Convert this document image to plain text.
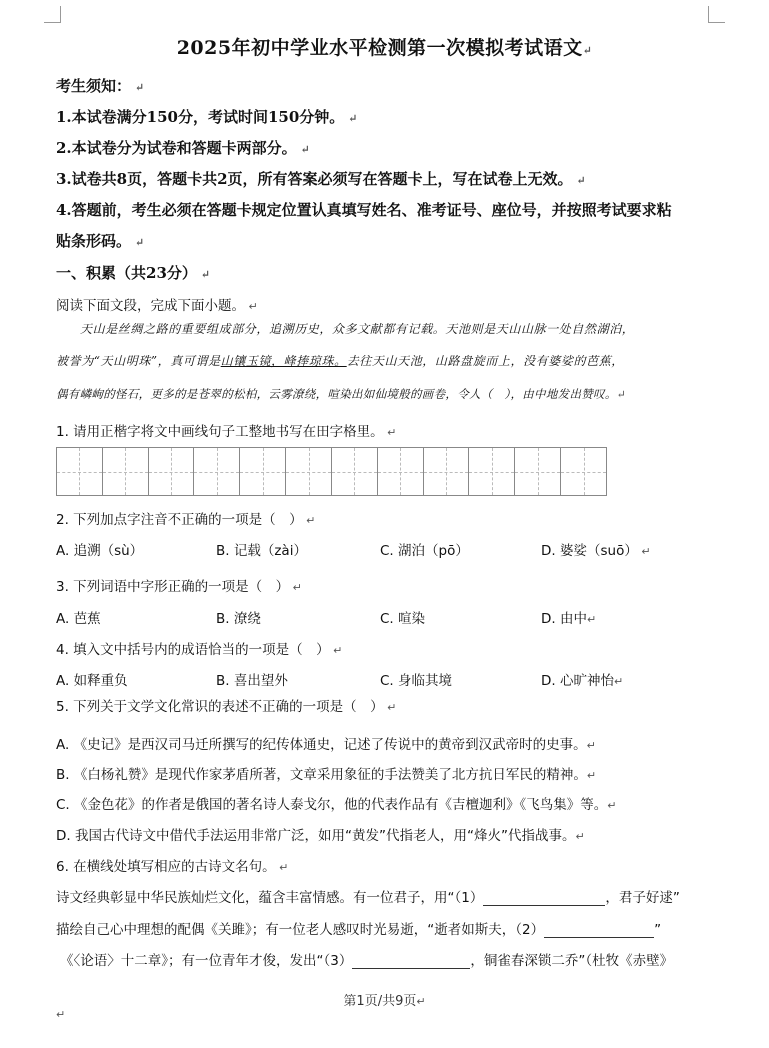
2025年初中学业水平检测第一次模拟考试语文↵
考生须知： ↵
1.本试卷满分150分，考试时间150分钟。 ↵
2.本试卷分为试卷和答题卡两部分。 ↵
3.试卷共8页，答题卡共2页，所有答案必须写在答题卡上，写在试卷上无效。 ↵
4.答题前，考生必须在答题卡规定位置认真填写姓名、准考证号、座位号，并按照考试要求粘
贴条形码。 ↵
一、积累（共23分） ↵
阅读下面文段，完成下面小题。 ↵
天山是丝绸之路的重要组成部分，追溯历史，众多文献都有记载。天池则是天山山脉一处自然湖泊，
被誉为“天山明珠”，真可谓是山镶玉镜，峰捧琼珠。去往天山天池，山路盘旋而上，没有婆娑的芭蕉，
偶有嶙峋的怪石，更多的是苍翠的松柏，云雾潦绕，喧染出如仙境般的画卷，令人（　），由中地发出赞叹。↵
1. 请用正楷字将文中画线句子工整地书写在田字格里。 ↵
2. 下列加点字注音不正确的一项是（　） ↵
A. 追溯（sù）	B. 记载（zài）	C. 湖泊（pō）	D. 婆娑（suō） ↵
3. 下列词语中字形正确的一项是（　） ↵
A. 芭蕉	B. 潦绕	C. 喧染	D. 由中↵
4. 填入文中括号内的成语恰当的一项是（　） ↵
A. 如释重负	B. 喜出望外	C. 身临其境	D. 心旷神怡↵
5. 下列关于文学文化常识的表述不正确的一项是（　） ↵
A. 《史记》是西汉司马迁所撰写的纪传体通史，记述了传说中的黄帝到汉武帝时的史事。↵
B. 《白杨礼赞》是现代作家茅盾所著，文章采用象征的手法赞美了北方抗日军民的精神。↵
C. 《金色花》的作者是俄国的著名诗人泰戈尔，他的代表作品有《吉檀迦利》《飞鸟集》等。↵
D. 我国古代诗文中借代手法运用非常广泛，如用“黄发”代指老人，用“烽火”代指战事。↵
6. 在横线处填写相应的古诗文名句。 ↵
诗文经典彰显中华民族灿烂文化，蕴含丰富情感。有一位君子，用“（1）	，君子好逑”
描绘自己心中理想的配偶《关雎》；有一位老人感叹时光易逝，“逝者如斯夫，（2）	”
《〈论语〉十二章》；有一位青年才俊，发出“（3）	，铜雀春深锁二乔”（杜牧《赤壁》
第1页/共9页↵
↵
